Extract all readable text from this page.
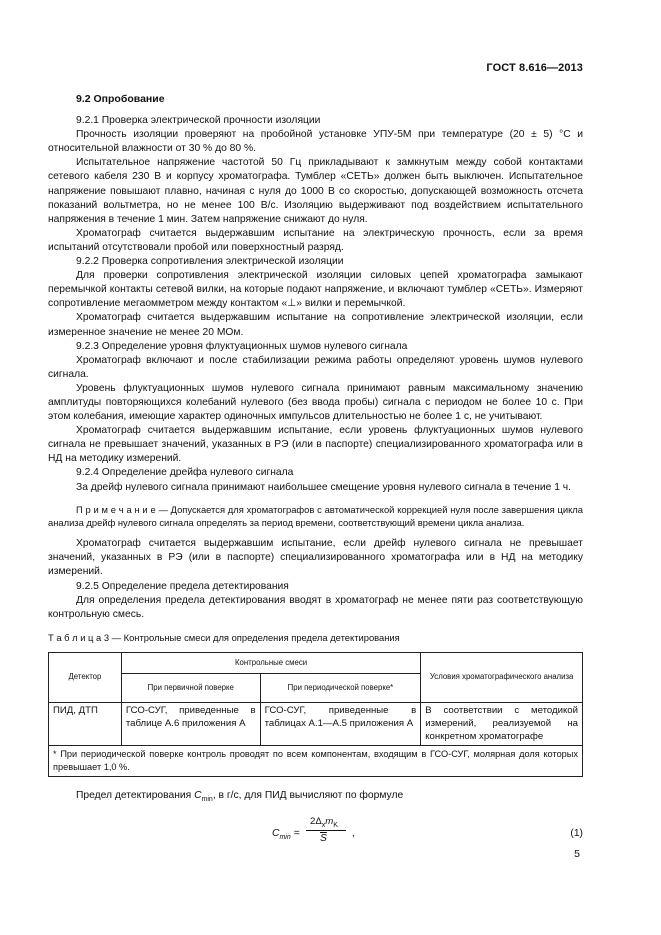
ГОСТ 8.616—2013

9.2 Опробование

9.2.1 Проверка электрической прочности изоляции

Прочность изоляции проверяют на пробойной установке УПУ-5М при температуре (20 ± 5) °С и относительной влажности от 30 % до 80 %.

Испытательное напряжение частотой 50 Гц прикладывают к замкнутым между собой контактами сетевого кабеля 230 В и корпусу хроматографа. Тумблер «СЕТЬ» должен быть выключен. Испытательное напряжение повышают плавно, начиная с нуля до 1000 В со скоростью, допускающей возможность отсчета показаний вольтметра, но не менее 100 В/с. Изоляцию выдерживают под воздействием испытательного напряжения в течение 1 мин. Затем напряжение снижают до нуля.

Хроматограф считается выдержавшим испытание на электрическую прочность, если за время испытаний отсутствовали пробой или поверхностный разряд.

9.2.2 Проверка сопротивления электрической изоляции

Для проверки сопротивления электрической изоляции силовых цепей хроматографа замыкают перемычкой контакты сетевой вилки, на которые подают напряжение, и включают тумблер «СЕТЬ». Измеряют сопротивление мегаомметром между контактом «⊥» вилки и перемычкой.

Хроматограф считается выдержавшим испытание на сопротивление электрической изоляции, если измеренное значение не менее 20 МОм.

9.2.3 Определение уровня флуктуационных шумов нулевого сигнала

Хроматограф включают и после стабилизации режима работы определяют уровень шумов нулевого сигнала.

Уровень флуктуационных шумов нулевого сигнала принимают равным максимальному значению амплитуды повторяющихся колебаний нулевого (без ввода пробы) сигнала с периодом не более 10 с. При этом колебания, имеющие характер одиночных импульсов длительностью не более 1 с, не учитывают.

Хроматограф считается выдержавшим испытание, если уровень флуктуационных шумов нулевого сигнала не превышает значений, указанных в РЭ (или в паспорте) специализированного хроматографа или в НД на методику измерений.

9.2.4 Определение дрейфа нулевого сигнала

За дрейф нулевого сигнала принимают наибольшее смещение уровня нулевого сигнала в течение 1 ч.

П р и м е ч а н и е — Допускается для хроматографов с автоматической коррекцией нуля после завершения цикла анализа дрейф нулевого сигнала определять за период времени, соответствующий времени цикла анализа.

Хроматограф считается выдержавшим испытание, если дрейф нулевого сигнала не превышает значений, указанных в РЭ (или в паспорте) специализированного хроматографа или в НД на методику измерений.

9.2.5 Определение предела детектирования

Для определения предела детектирования вводят в хроматограф не менее пяти раз соответствующую контрольную смесь.

Т а б л и ц а 3 — Контрольные смеси для определения предела детектирования
Детектор	Контрольные смеси		Условия хроматографического анализа
	При первичной поверке	При периодической поверке*	
ПИД, ДТП	ГСО-СУГ, приведенные в таблице А.6 приложения А	ГСО-СУГ, приведенные в таблицах А.1—А.5 приложения А	В соответствии с методикой измерений, реализуемой на конкретном хроматографе
* При периодической поверке контроль проводят по всем компонентам, входящим в ГСО-СУГ, молярная доля которых превышает 1,0 %.			

Предел детектирования $C_{min}$, в г/с, для ПИД вычисляют по формуле

$C_{min}$ =
$2\Delta_xm_K$
$\overline{S}$ ,	(1)
5
